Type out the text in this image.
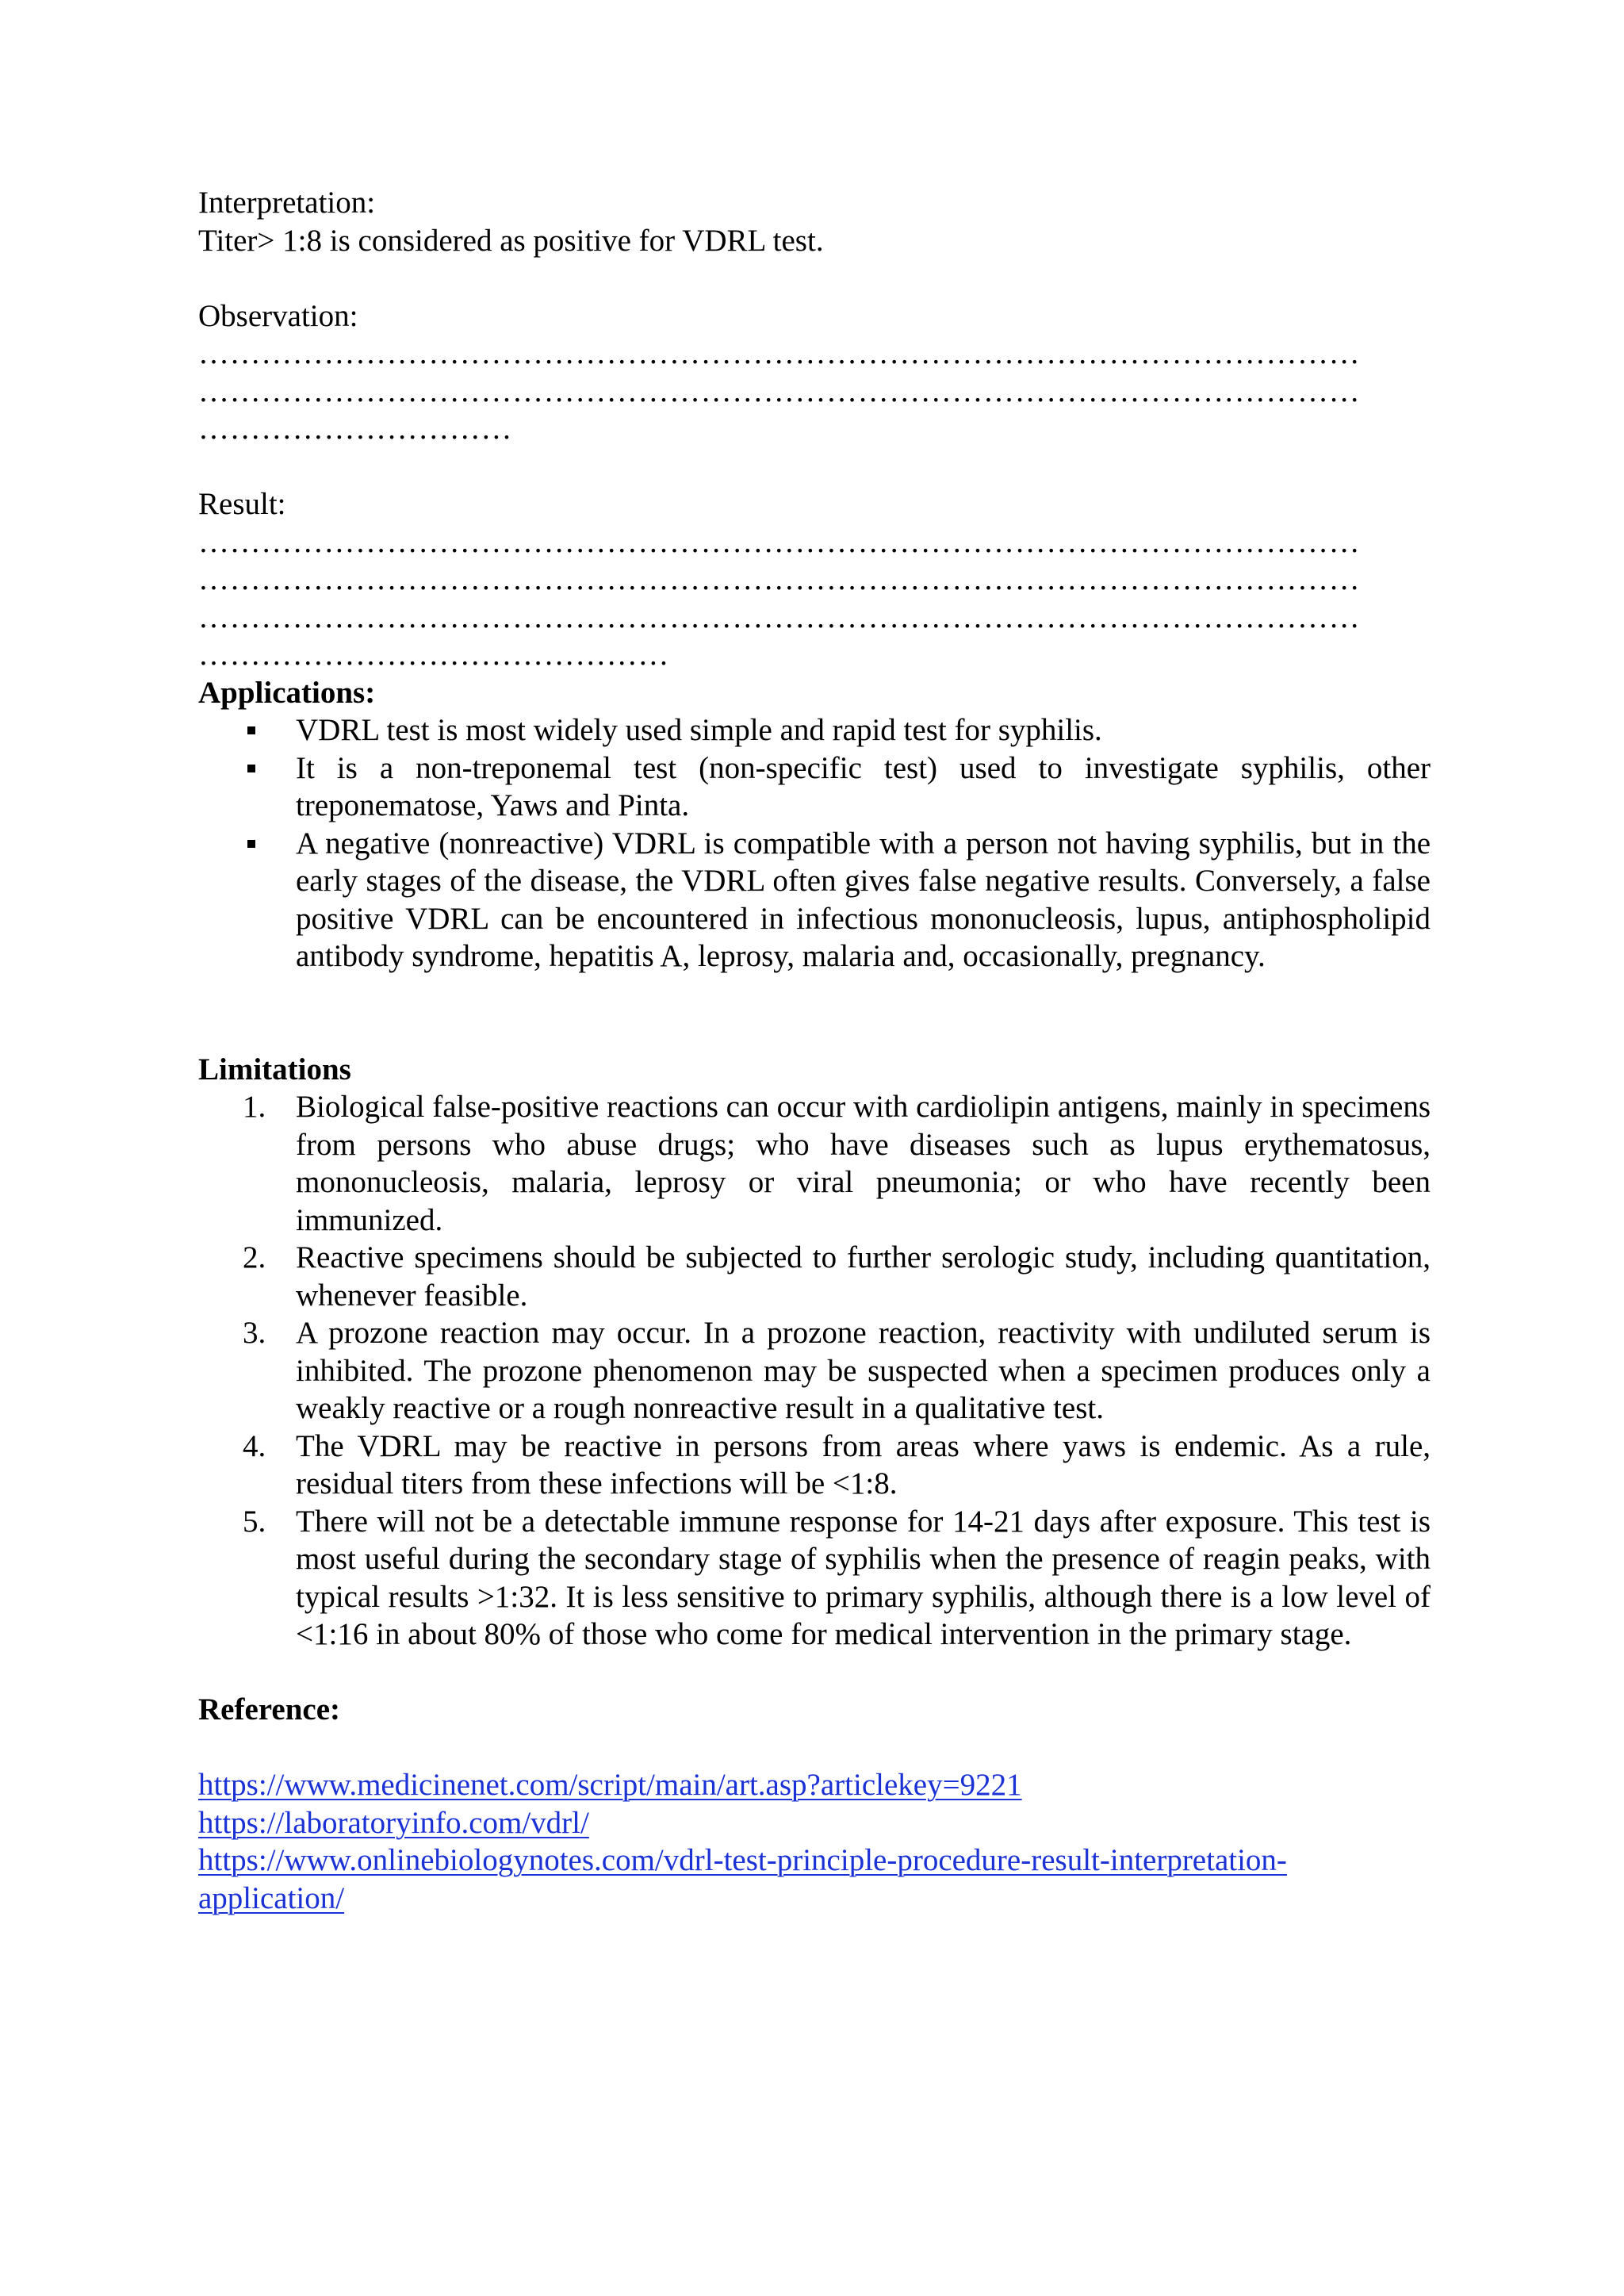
Interpretation:

Titer> 1:8 is considered as positive for VDRL test.

Observation:

…………………………………………………………………………………………………

…………………………………………………………………………………………………

…………………………

Result:

…………………………………………………………………………………………………

…………………………………………………………………………………………………

…………………………………………………………………………………………………

………………………………………

Applications:

VDRL test is most widely used simple and rapid test for syphilis.
It is a non-treponemal test (non-specific test) used to investigate syphilis, other treponematose, Yaws and Pinta.
A negative (nonreactive) VDRL is compatible with a person not having syphilis, but in the early stages of the disease, the VDRL often gives false negative results. Conversely, a false positive VDRL can be encountered in infectious mononucleosis, lupus, antiphospholipid antibody syndrome, hepatitis A, leprosy, malaria and, occasionally, pregnancy.

Limitations

1. Biological false-positive reactions can occur with cardiolipin antigens, mainly in specimens from persons who abuse drugs; who have diseases such as lupus erythematosus, mononucleosis, malaria, leprosy or viral pneumonia; or who have recently been immunized.
2. Reactive specimens should be subjected to further serologic study, including quantitation, whenever feasible.
3. A prozone reaction may occur. In a prozone reaction, reactivity with undiluted serum is inhibited. The prozone phenomenon may be suspected when a specimen produces only a weakly reactive or a rough nonreactive result in a qualitative test.
4. The VDRL may be reactive in persons from areas where yaws is endemic. As a rule, residual titers from these infections will be <1:8.
5. There will not be a detectable immune response for 14-21 days after exposure. This test is most useful during the secondary stage of syphilis when the presence of reagin peaks, with typical results >1:32. It is less sensitive to primary syphilis, although there is a low level of <1:16 in about 80% of those who come for medical intervention in the primary stage.

Reference:

https://www.medicinenet.com/script/main/art.asp?articlekey=9221
https://laboratoryinfo.com/vdrl/
https://www.onlinebiologynotes.com/vdrl-test-principle-procedure-result-interpretation-application/
